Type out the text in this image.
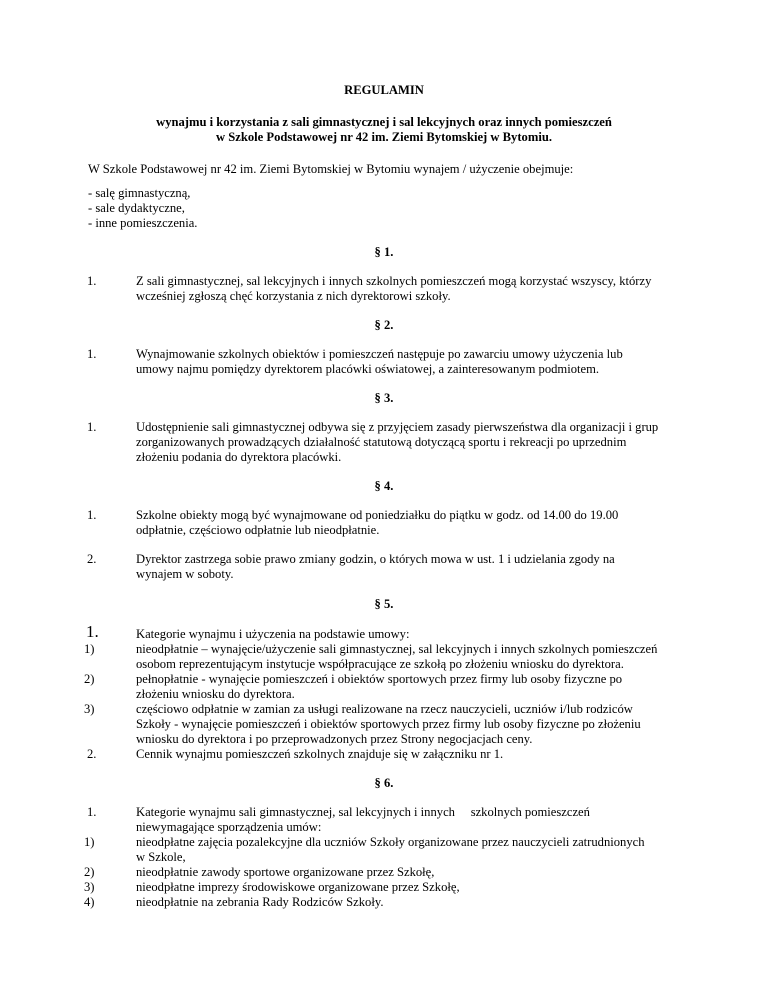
REGULAMIN
wynajmu i korzystania z sali gimnastycznej i sal lekcyjnych oraz innych pomieszczeń
w Szkole Podstawowej nr 42 im. Ziemi Bytomskiej w Bytomiu.
W Szkole Podstawowej nr 42 im. Ziemi Bytomskiej w Bytomiu wynajem / użyczenie obejmuje:
- salę gimnastyczną,
- sale dydaktyczne,
- inne pomieszczenia.
§ 1.
1.	Z sali gimnastycznej, sal lekcyjnych i innych szkolnych pomieszczeń mogą korzystać wszyscy, którzy
wcześniej zgłoszą chęć korzystania z nich dyrektorowi szkoły.
§ 2.
1.	Wynajmowanie szkolnych obiektów i pomieszczeń następuje po zawarciu umowy użyczenia lub
umowy najmu pomiędzy dyrektorem placówki oświatowej, a zainteresowanym podmiotem.
§ 3.
1.	Udostępnienie sali gimnastycznej odbywa się z przyjęciem zasady pierwszeństwa dla organizacji i grup
zorganizowanych prowadzących działalność statutową dotyczącą sportu i rekreacji po uprzednim
złożeniu podania do dyrektora placówki.
§ 4.
1.	Szkolne obiekty mogą być wynajmowane od poniedziałku do piątku w godz. od 14.00 do 19.00
odpłatnie, częściowo odpłatnie lub nieodpłatnie.
2.	Dyrektor zastrzega sobie prawo zmiany godzin, o których mowa w ust. 1 i udzielania zgody na
wynajem w soboty.
§ 5.
1.	Kategorie wynajmu i użyczenia na podstawie umowy:
1)	nieodpłatnie – wynajęcie/użyczenie sali gimnastycznej, sal lekcyjnych i innych szkolnych pomieszczeń
osobom reprezentującym instytucje współpracujące ze szkołą po złożeniu wniosku do dyrektora.
2)	pełnopłatnie - wynajęcie pomieszczeń i obiektów sportowych przez firmy lub osoby fizyczne po
złożeniu wniosku do dyrektora.
3)	częściowo odpłatnie w zamian za usługi realizowane na rzecz nauczycieli, uczniów i/lub rodziców
Szkoły - wynajęcie pomieszczeń i obiektów sportowych przez firmy lub osoby fizyczne po złożeniu
wniosku do dyrektora i po przeprowadzonych przez Strony negocjacjach ceny.
2.	Cennik wynajmu pomieszczeń szkolnych znajduje się w załączniku nr 1.
§ 6.
1.	Kategorie wynajmu sali gimnastycznej, sal lekcyjnych i innych     szkolnych pomieszczeń
niewymagające sporządzenia umów:
1)	nieodpłatne zajęcia pozalekcyjne dla uczniów Szkoły organizowane przez nauczycieli zatrudnionych
w Szkole,
2)	nieodpłatnie zawody sportowe organizowane przez Szkołę,
3)	nieodpłatne imprezy środowiskowe organizowane przez Szkołę,
4)	nieodpłatnie na zebrania Rady Rodziców Szkoły.
